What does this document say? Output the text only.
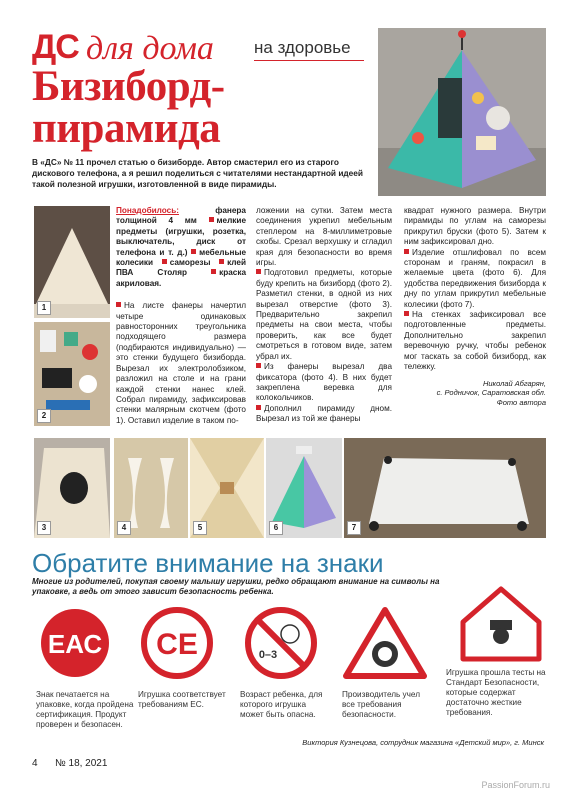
ДС для дома на здоровье
Бизиборд-
пирамида
В «ДС» № 11 прочел статью о бизиборде. Автор смастерил его из старого дискового телефона, а я решил поделиться с читателями нестандартной идеей такой полезной игрушки, изготовленной в виде пирамиды.
1
2
3	4	5	6	7

Понадобилось:	фанера толщиной 4 мм мелкие предметы (игрушки, розетка, выключатель, диск от телефона и т. д.) мебельные колесики саморезы клей ПВА Столяр	краска акриловая.

На листе фанеры начертил четыре одинаковых равносторонних треугольника подходящего размера (подбираются индивидуально) — это стенки будущего бизиборда. Вырезал их электролобзиком, разложил на столе и на грани каждой стенки нанес клей. Собрал пирамиду, зафиксировав стенки малярным скотчем (фото 1). Оставил изделие в таком по-

ложении на сутки. Затем места соединения укрепил мебельным степлером на 8-миллиметровые скобы. Срезал верхушку и сгладил края для безопасности во время игры.

Подготовил предметы, которые буду крепить на бизиборд (фото 2). Разметил стенки, в одной из них вырезал отверстие (фото 3). Предварительно закрепил предметы на свои места, чтобы проверить, как все будет смотреться в готовом виде, затем убрал их.

Из фанеры вырезал два фиксатора (фото 4). В них будет закреплена веревка для колокольчиков.

Дополнил пирамиду дном. Вырезал из той же фанеры

квадрат нужного размера. Внутри пирамиды по углам на саморезы прикрутил бруски (фото 5). Затем к ним зафиксировал дно.

Изделие отшлифовал по всем сторонам и граням, покрасил в желаемые цвета (фото 6). Для удобства передвижения бизиборда к дну по углам прикрутил мебельные колесики (фото 7).

На стенках зафиксировал все подготовленные предметы. Дополнительно закрепил веревочную ручку, чтобы ребенок мог таскать за собой бизиборд, как тележку.

Николай Абгарян,
с. Родничок, Саратовская обл.
Фото автора
Обратите внимание на знаки
Многие из родителей, покупая своему малышу игрушки, редко обращают внимание на символы на упаковке, а ведь от этого зависит безопасность ребенка.
ЕАС CE	0–3
Знак печатается на упаковке, когда пройдена сертификация. Продукт проверен и безопасен.
Игрушка соответствует требованиям ЕС.
Возраст ребенка, для которого игрушка может быть опасна.
Производитель учел все требования безопасности.
Игрушка прошла тесты на Стандарт Безопасности, которые содержат достаточно жесткие требования.
Виктория Кузнецова, сотрудник магазина «Детский мир», г. Минск
4 № 18, 2021
PassionForum.ru
